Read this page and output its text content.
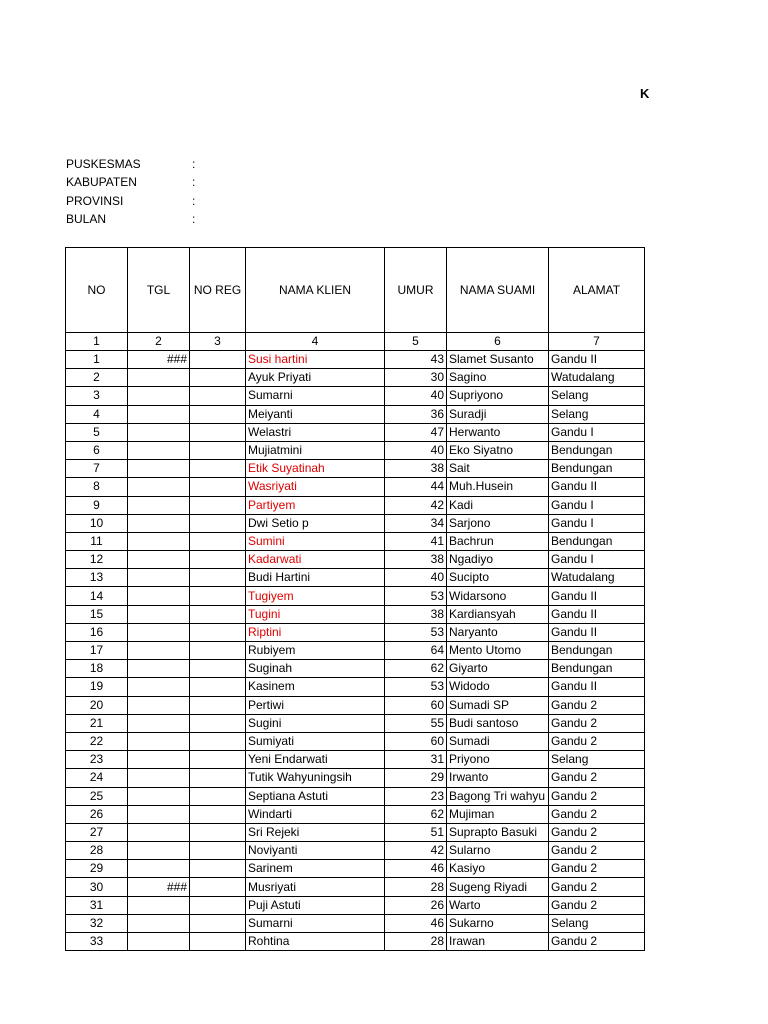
K
PUSKESMAS	:
KABUPATEN	:
PROVINSI	:
BULAN	:
NO	TGL	NO REG	NAMA KLIEN	UMUR	NAMA SUAMI	ALAMAT
1	2	3	4	5	6	7
1	###		Susi hartini	43	Slamet Susanto	Gandu II
2			Ayuk Priyati	30	Sagino	Watudalang
3			Sumarni	40	Supriyono	Selang
4			Meiyanti	36	Suradji	Selang
5			Welastri	47	Herwanto	Gandu I
6			Mujiatmini	40	Eko Siyatno	Bendungan
7			Etik Suyatinah	38	Sait	Bendungan
8			Wasriyati	44	Muh.Husein	Gandu II
9			Partiyem	42	Kadi	Gandu I
10			Dwi Setio p	34	Sarjono	Gandu I
11			Sumini	41	Bachrun	Bendungan
12			Kadarwati	38	Ngadiyo	Gandu I
13			Budi Hartini	40	Sucipto	Watudalang
14			Tugiyem	53	Widarsono	Gandu II
15			Tugini	38	Kardiansyah	Gandu II
16			Riptini	53	Naryanto	Gandu II
17			Rubiyem	64	Mento Utomo	Bendungan
18			Suginah	62	Giyarto	Bendungan
19			Kasinem	53	Widodo	Gandu II
20			Pertiwi	60	Sumadi SP	Gandu 2
21			Sugini	55	Budi santoso	Gandu 2
22			Sumiyati	60	Sumadi	Gandu 2
23			Yeni Endarwati	31	Priyono	Selang
24			Tutik Wahyuningsih	29	Irwanto	Gandu 2
25			Septiana Astuti	23	Bagong Tri wahyu	Gandu 2
26			Windarti	62	Mujiman	Gandu 2
27			Sri Rejeki	51	Suprapto Basuki	Gandu 2
28			Noviyanti	42	Sularno	Gandu 2
29			Sarinem	46	Kasiyo	Gandu 2
30	###		Musriyati	28	Sugeng Riyadi	Gandu 2
31			Puji Astuti	26	Warto	Gandu 2
32			Sumarni	46	Sukarno	Selang
33			Rohtina	28	Irawan	Gandu 2
